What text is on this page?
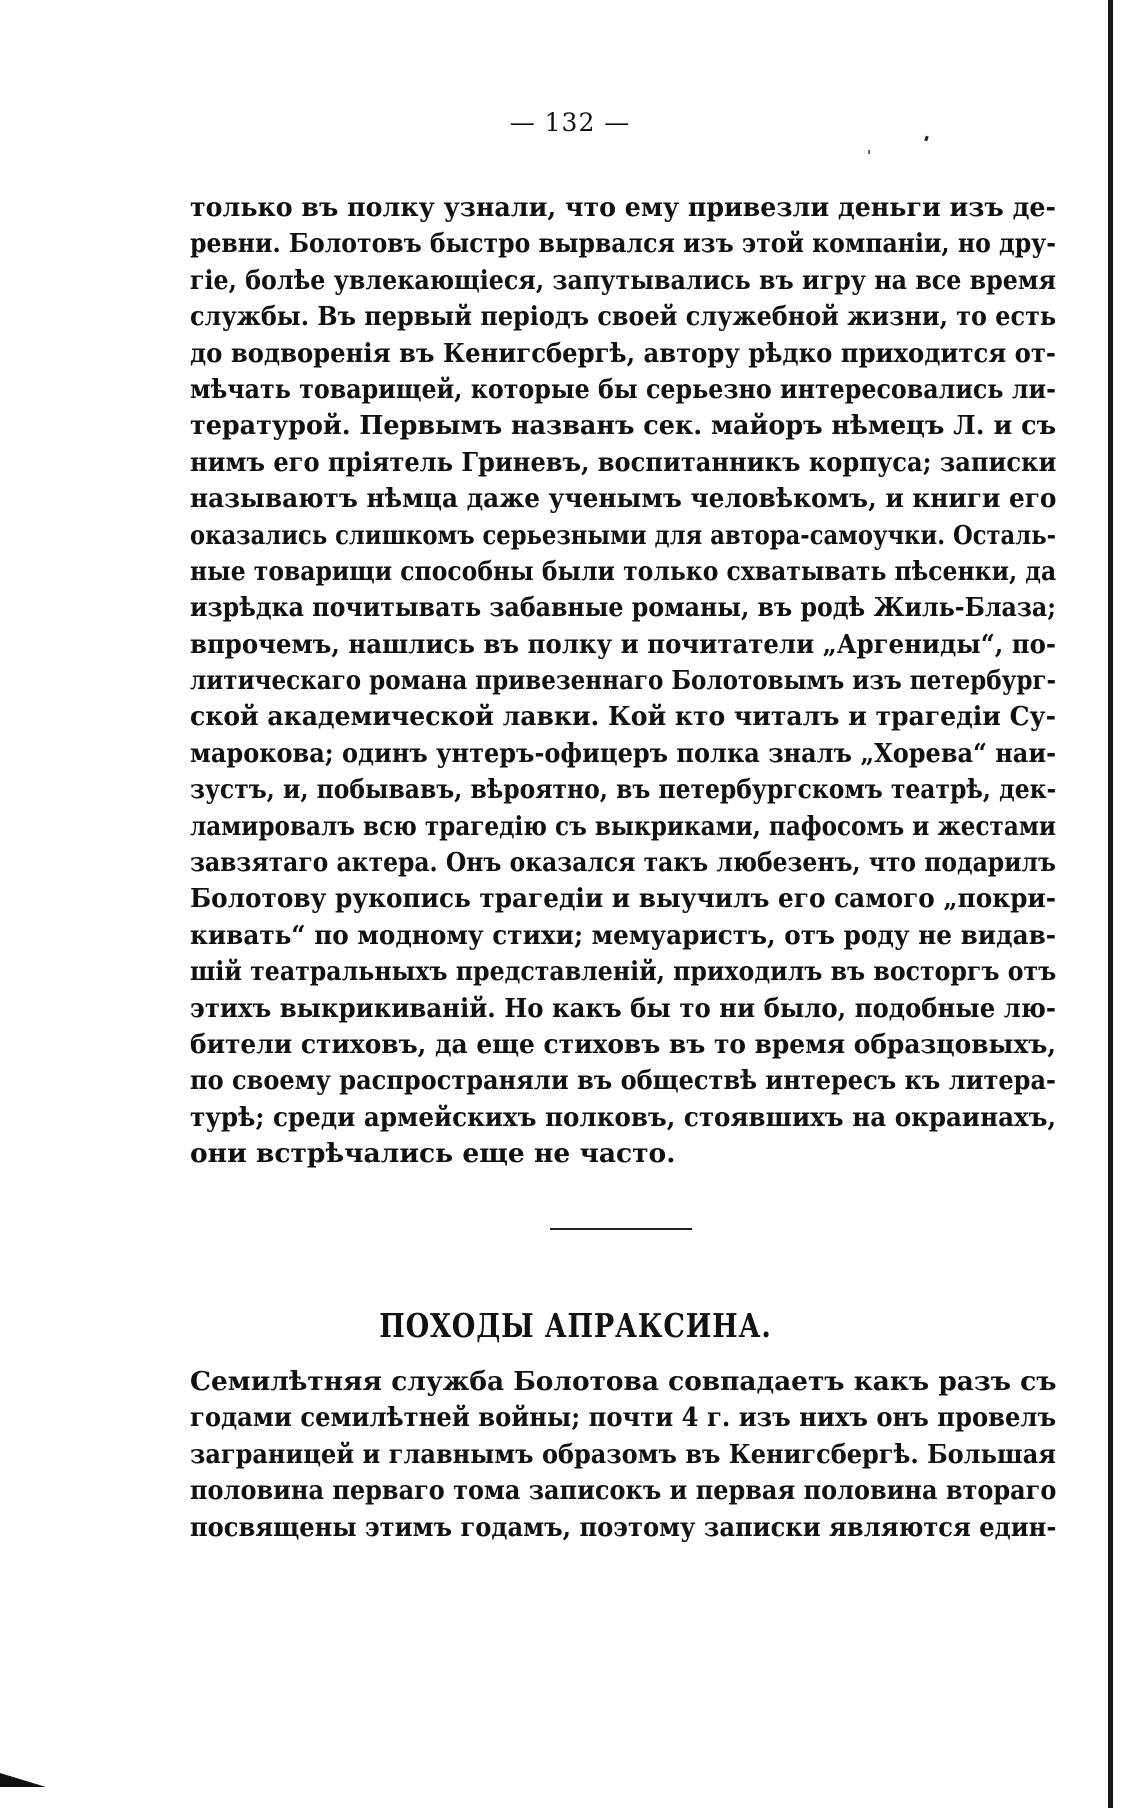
— 132 —
только въ полку узнали, что ему привезли деньги изъ де-
ревни. Болотовъ быстро вырвался изъ этой компаніи, но дру-
гіе, болѣе увлекающіеся, запутывались въ игру на все время
службы. Въ первый періодъ своей служебной жизни, то есть
до водворенія въ Кенигсбергѣ, автору рѣдко приходится от-
мѣчать товарищей, которые бы серьезно интересовались ли-
тературой. Первымъ названъ сек. майоръ нѣмецъ Л. и съ
нимъ его пріятель Гриневъ, воспитанникъ корпуса; записки
называютъ нѣмца даже ученымъ человѣкомъ, и книги его
оказались слишкомъ серьезными для автора-самоучки. Осталь-
ные товарищи способны были только схватывать пѣсенки, да
изрѣдка почитывать забавные романы, въ родѣ Жиль-Блаза;
впрочемъ, нашлись въ полку и почитатели „Аргениды“, по-
литическаго романа привезеннаго Болотовымъ изъ петербург-
ской академической лавки. Кой кто читалъ и трагедіи Су-
марокова; одинъ унтеръ-офицеръ полка зналъ „Хорева“ наи-
зустъ, и, побывавъ, вѣроятно, въ петербургскомъ театрѣ, дек-
ламировалъ всю трагедію съ выкриками, пафосомъ и жестами
завзятаго актера. Онъ оказался такъ любезенъ, что подарилъ
Болотову рукопись трагедіи и выучилъ его самого „покри-
кивать“ по модному стихи; мемуаристъ, отъ роду не видав-
шій театральныхъ представленій, приходилъ въ восторгъ отъ
этихъ выкрикиваній. Но какъ бы то ни было, подобные лю-
бители стиховъ, да еще стиховъ въ то время образцовыхъ,
по своему распространяли въ обществѣ интересъ къ литера-
турѣ; среди армейскихъ полковъ, стоявшихъ на окраинахъ,
они встрѣчались еще не часто.
ПОХОДЫ АПРАКСИНА.
Семилѣтняя служба Болотова совпадаетъ какъ разъ съ
годами семилѣтней войны; почти 4 г. изъ нихъ онъ провелъ
заграницей и главнымъ образомъ въ Кенигсбергѣ. Большая
половина перваго тома записокъ и первая половина втораго
посвящены этимъ годамъ, поэтому записки являются един-
